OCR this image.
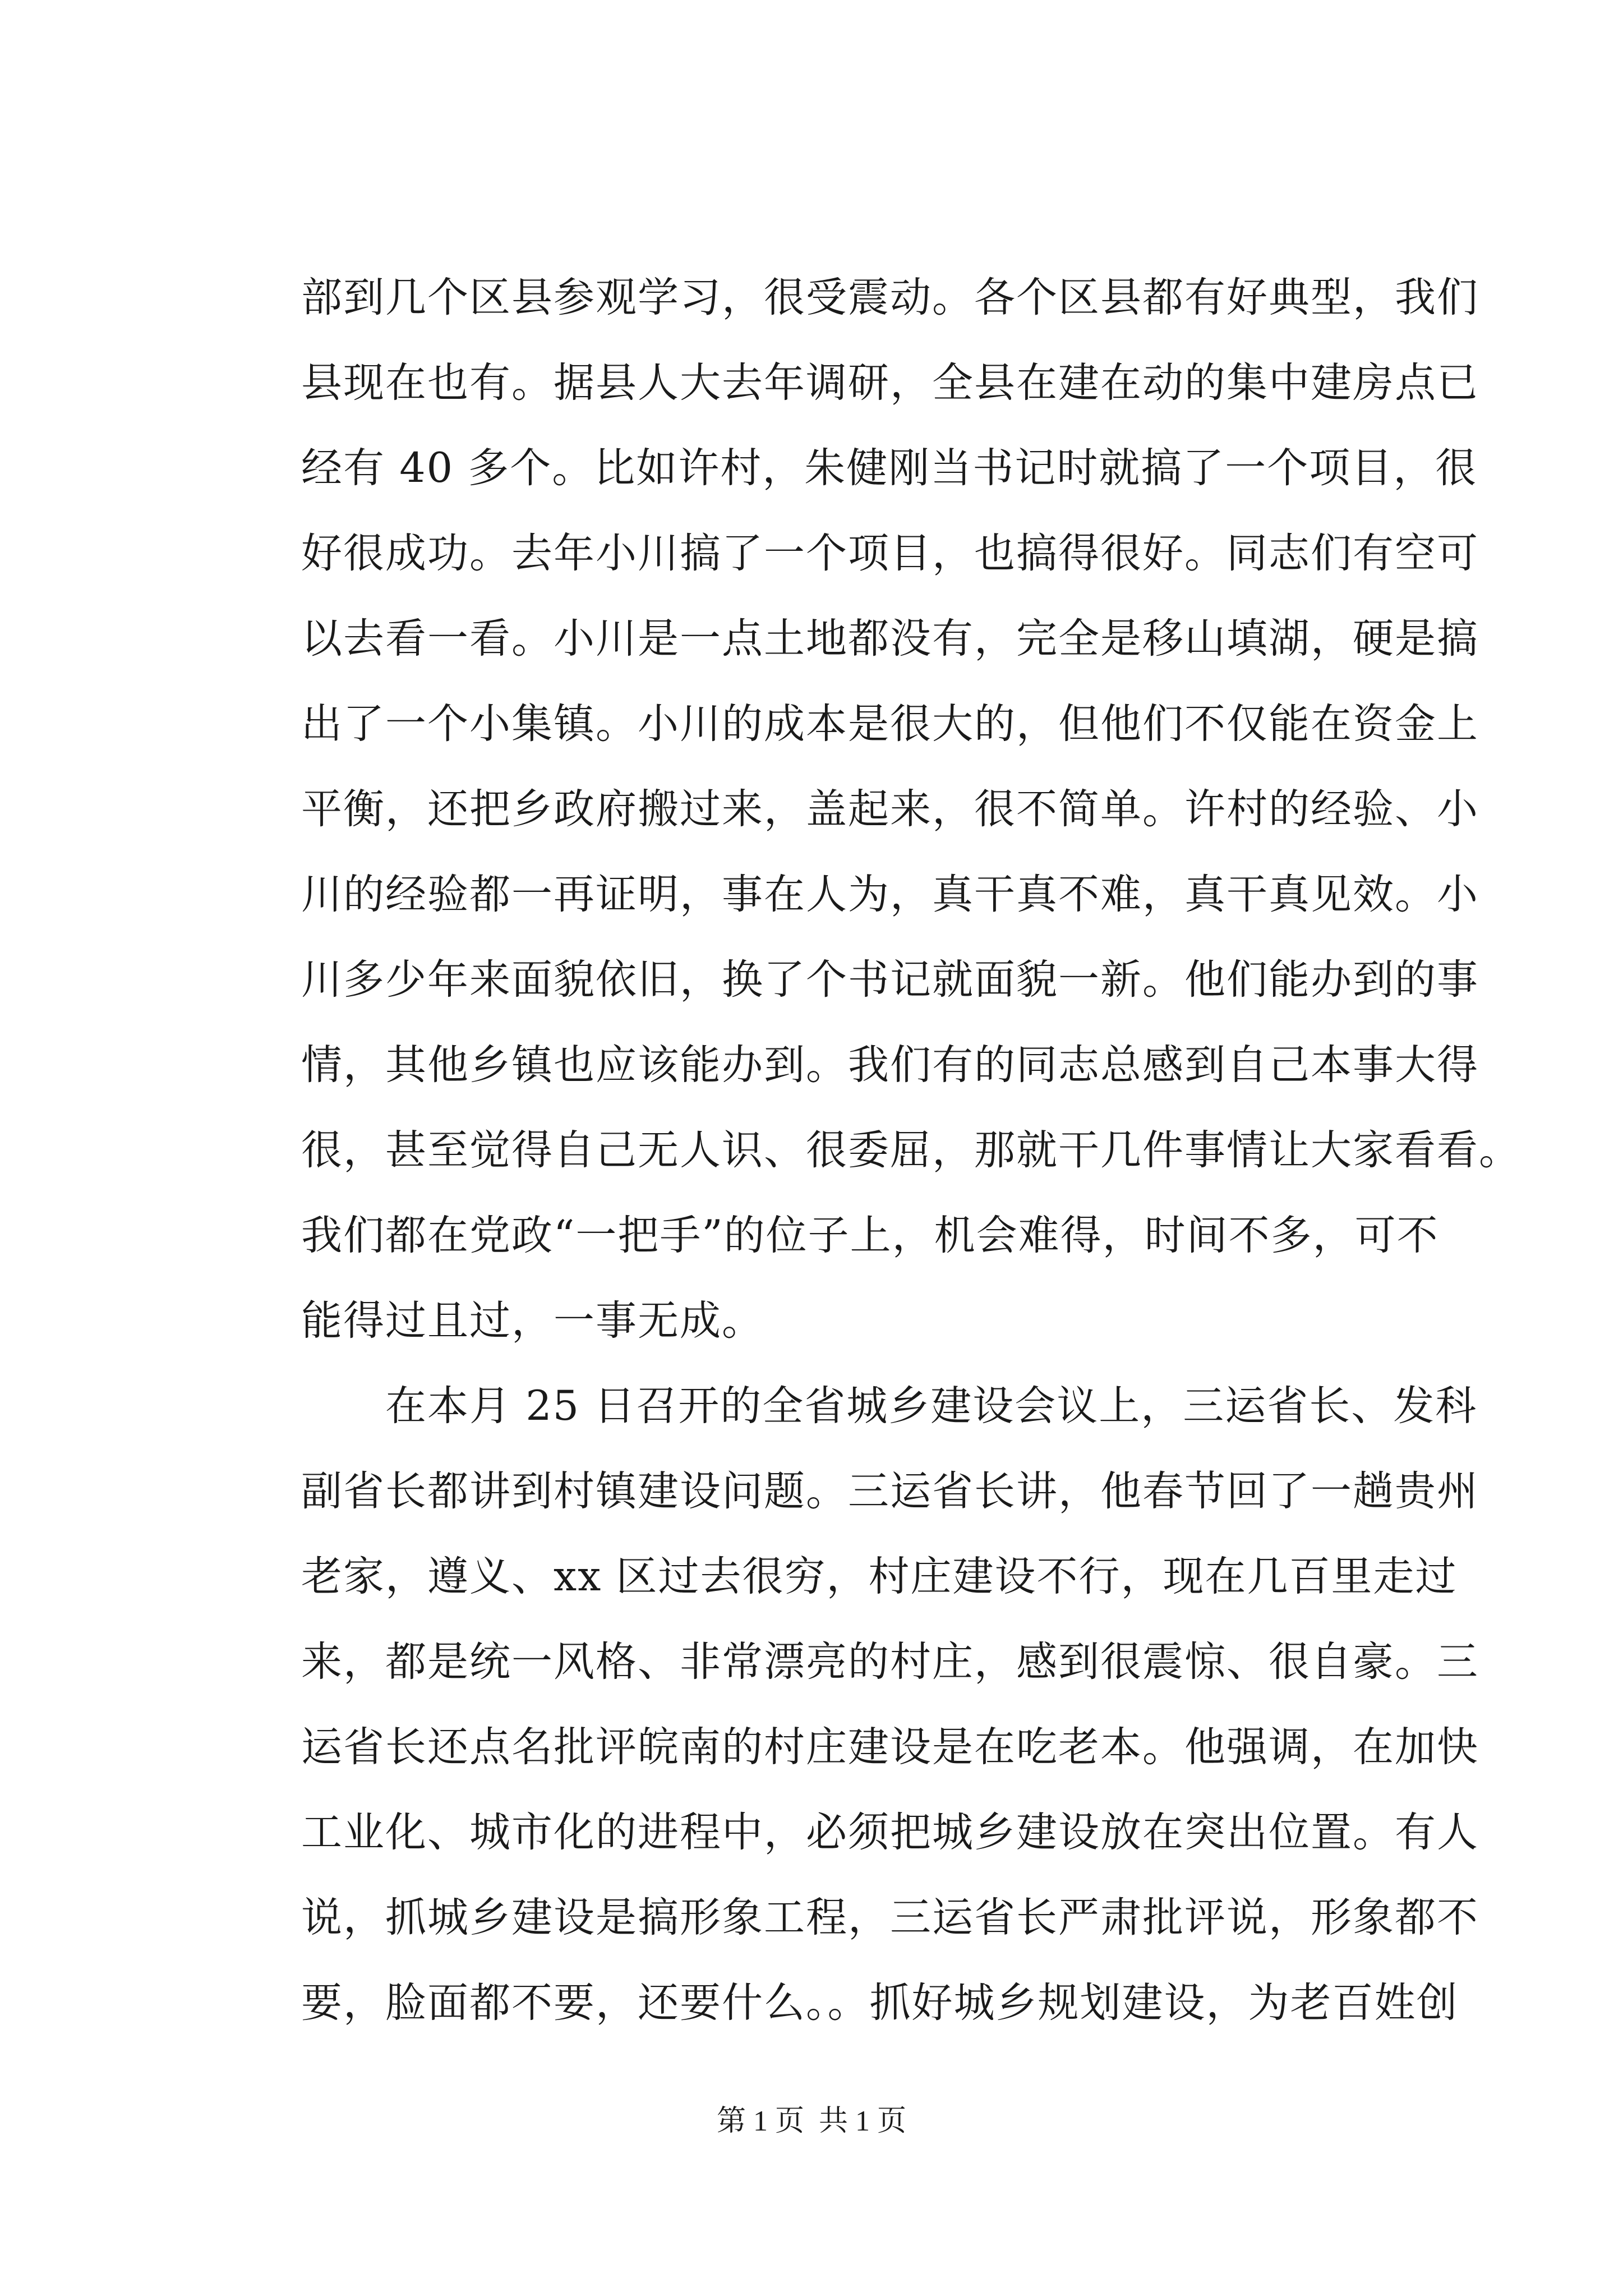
部到几个区县参观学习，很受震动。各个区县都有好典型，我们
县现在也有。据县人大去年调研，全县在建在动的集中建房点已
经有 40 多个。比如许村，朱健刚当书记时就搞了一个项目，很
好很成功。去年小川搞了一个项目，也搞得很好。同志们有空可
以去看一看。小川是一点土地都没有，完全是移山填湖，硬是搞
出了一个小集镇。小川的成本是很大的，但他们不仅能在资金上
平衡，还把乡政府搬过来，盖起来，很不简单。许村的经验、小
川的经验都一再证明，事在人为，真干真不难，真干真见效。小
川多少年来面貌依旧，换了个书记就面貌一新。他们能办到的事
情，其他乡镇也应该能办到。我们有的同志总感到自己本事大得
很，甚至觉得自己无人识、很委屈，那就干几件事情让大家看看。
我们都在党政“一把手”的位子上，机会难得，时间不多，可不
能得过且过，一事无成。
　　在本月 25 日召开的全省城乡建设会议上，三运省长、发科
副省长都讲到村镇建设问题。三运省长讲，他春节回了一趟贵州
老家，遵义、xx 区过去很穷，村庄建设不行，现在几百里走过
来，都是统一风格、非常漂亮的村庄，感到很震惊、很自豪。三
运省长还点名批评皖南的村庄建设是在吃老本。他强调，在加快
工业化、城市化的进程中，必须把城乡建设放在突出位置。有人
说，抓城乡建设是搞形象工程，三运省长严肃批评说，形象都不
要，脸面都不要，还要什么。。抓好城乡规划建设，为老百姓创
第 1 页  共 1 页
